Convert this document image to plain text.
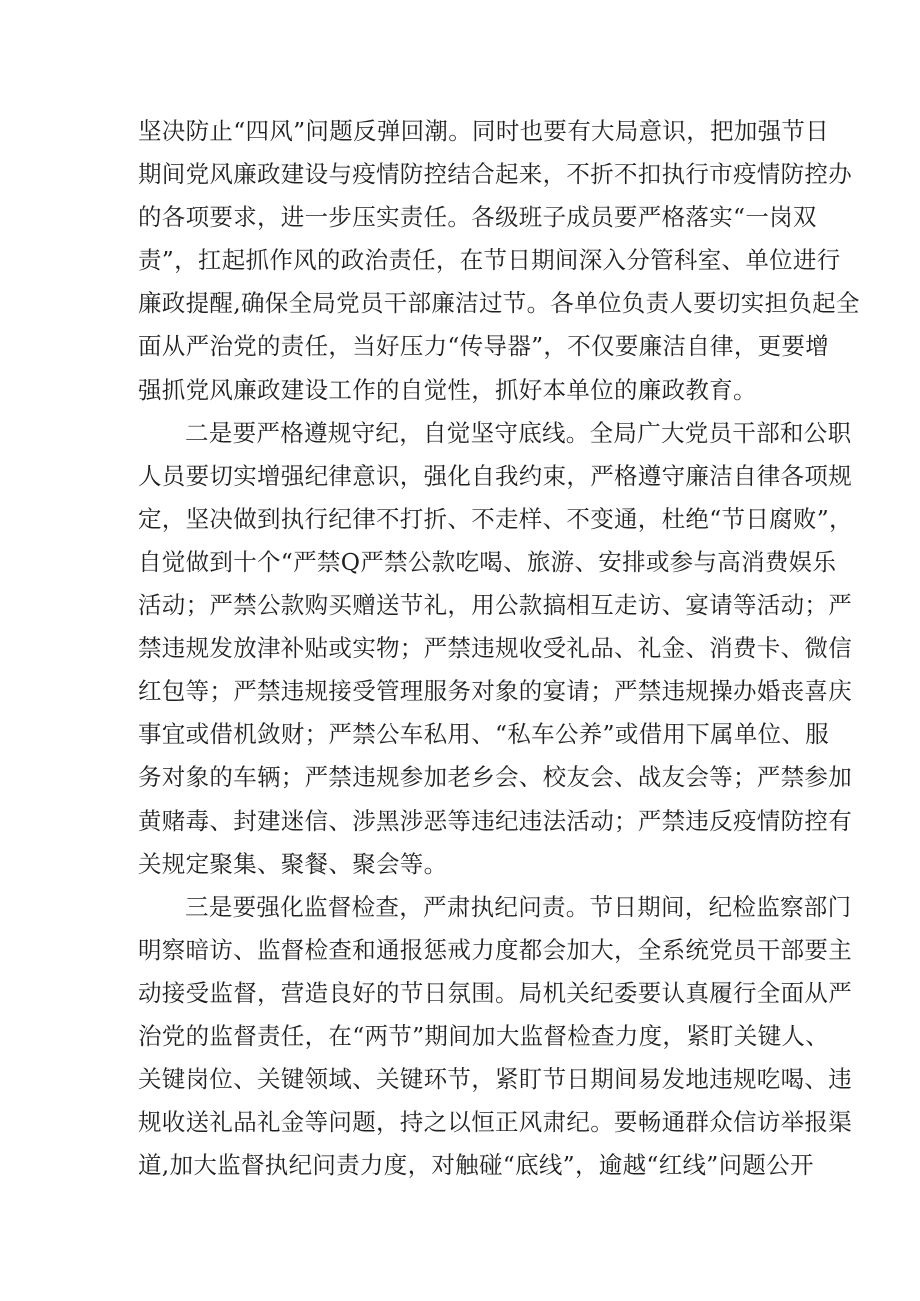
坚决防止“四风”问题反弹回潮。同时也要有大局意识，把加强节日
期间党风廉政建设与疫情防控结合起来，不折不扣执行市疫情防控办
的各项要求，进一步压实责任。各级班子成员要严格落实“一岗双
责”，扛起抓作风的政治责任，在节日期间深入分管科室、单位进行
廉政提醒,确保全局党员干部廉洁过节。各单位负责人要切实担负起全
面从严治党的责任，当好压力“传导器”，不仅要廉洁自律，更要增
强抓党风廉政建设工作的自觉性，抓好本单位的廉政教育。
二是要严格遵规守纪，自觉坚守底线。全局广大党员干部和公职
人员要切实增强纪律意识，强化自我约束，严格遵守廉洁自律各项规
定，坚决做到执行纪律不打折、不走样、不变通，杜绝“节日腐败”，
自觉做到十个“严禁Q严禁公款吃喝、旅游、安排或参与高消费娱乐
活动；严禁公款购买赠送节礼，用公款搞相互走访、宴请等活动；严
禁违规发放津补贴或实物；严禁违规收受礼品、礼金、消费卡、微信
红包等；严禁违规接受管理服务对象的宴请；严禁违规操办婚丧喜庆
事宜或借机敛财；严禁公车私用、“私车公养”或借用下属单位、服
务对象的车辆；严禁违规参加老乡会、校友会、战友会等；严禁参加
黄赌毒、封建迷信、涉黑涉恶等违纪违法活动；严禁违反疫情防控有
关规定聚集、聚餐、聚会等。
三是要强化监督检查，严肃执纪问责。节日期间，纪检监察部门
明察暗访、监督检查和通报惩戒力度都会加大，全系统党员干部要主
动接受监督，营造良好的节日氛围。局机关纪委要认真履行全面从严
治党的监督责任，在“两节”期间加大监督检查力度，紧盯关键人、
关键岗位、关键领域、关键环节，紧盯节日期间易发地违规吃喝、违
规收送礼品礼金等问题，持之以恒正风肃纪。要畅通群众信访举报渠
道,加大监督执纪问责力度，对触碰“底线”，逾越“红线”问题公开
